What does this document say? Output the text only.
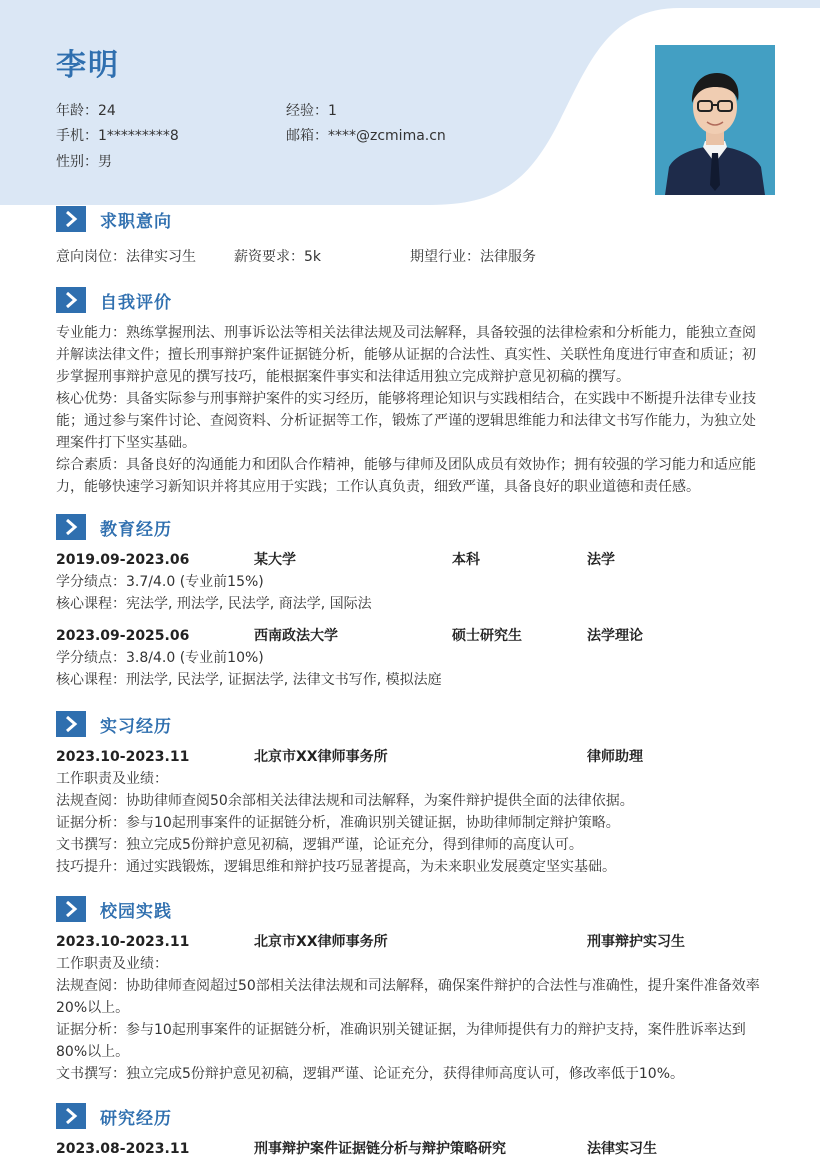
李明
年龄：24	经验：1
手机：1*********8	邮箱：****@zcmima.cn
性别：男
求职意向
意向岗位：法律实习生	薪资要求：5k	期望行业：法律服务
自我评价

专业能力：熟练掌握刑法、刑事诉讼法等相关法律法规及司法解释，具备较强的法律检索和分析能力，能独立查阅并解读法律文件；擅长刑事辩护案件证据链分析，能够从证据的合法性、真实性、关联性角度进行审查和质证；初步掌握刑事辩护意见的撰写技巧，能根据案件事实和法律适用独立完成辩护意见初稿的撰写。

核心优势：具备实际参与刑事辩护案件的实习经历，能够将理论知识与实践相结合，在实践中不断提升法律专业技能；通过参与案件讨论、查阅资料、分析证据等工作，锻炼了严谨的逻辑思维能力和法律文书写作能力，为独立处理案件打下坚实基础。

综合素质：具备良好的沟通能力和团队合作精神，能够与律师及团队成员有效协作；拥有较强的学习能力和适应能力，能够快速学习新知识并将其应用于实践；工作认真负责，细致严谨，具备良好的职业道德和责任感。

教育经历
2019.09-2023.06	某大学	本科	法学
学分绩点：3.7/4.0 (专业前15%)
核心课程：宪法学, 刑法学, 民法学, 商法学, 国际法
2023.09-2025.06	西南政法大学	硕士研究生	法学理论
学分绩点：3.8/4.0 (专业前10%)
核心课程：刑法学, 民法学, 证据法学, 法律文书写作, 模拟法庭
实习经历
2023.10-2023.11	北京市XX律师事务所	律师助理
工作职责及业绩：
法规查阅：协助律师查阅50余部相关法律法规和司法解释，为案件辩护提供全面的法律依据。
证据分析：参与10起刑事案件的证据链分析，准确识别关键证据，协助律师制定辩护策略。
文书撰写：独立完成5份辩护意见初稿，逻辑严谨，论证充分，得到律师的高度认可。
技巧提升：通过实践锻炼，逻辑思维和辩护技巧显著提高，为未来职业发展奠定坚实基础。
校园实践
2023.10-2023.11	北京市XX律师事务所	刑事辩护实习生
工作职责及业绩：

法规查阅：协助律师查阅超过50部相关法律法规和司法解释，确保案件辩护的合法性与准确性，提升案件准备效率20%以上。

证据分析：参与10起刑事案件的证据链分析，准确识别关键证据，为律师提供有力的辩护支持，案件胜诉率达到80%以上。

文书撰写：独立完成5份辩护意见初稿，逻辑严谨、论证充分，获得律师高度认可，修改率低于10%。
研究经历
2023.08-2023.11	刑事辩护案件证据链分析与辩护策略研究	法律实习生
